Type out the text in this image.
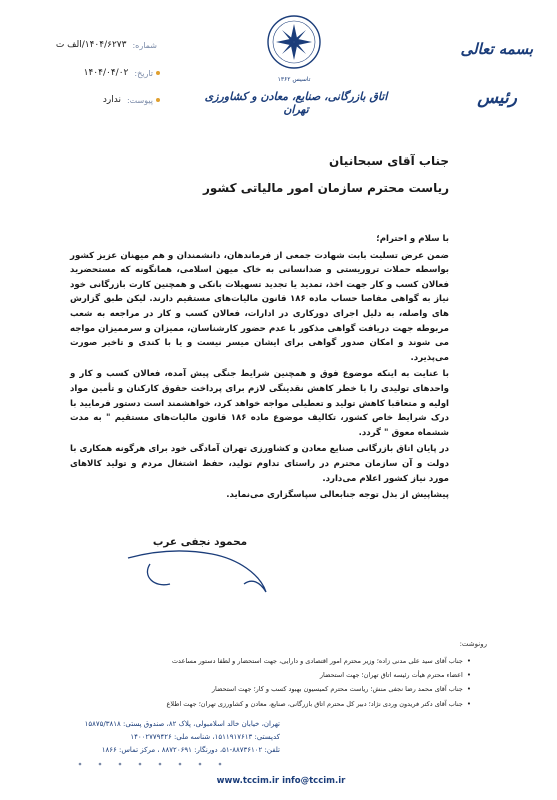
بسمه تعالی
رئیس
تاسیس ۱۳۶۲
اتاق بازرگانی، صنایع، معادن و کشاورزی تهران
شماره:
۱۴۰۴/۶۲۷۳/الف ت
تاریخ:
۱۴۰۴/۰۴/۰۲
پیوست:
ندارد
جناب آقای سبحانیان
ریاست محترم سازمان امور مالیاتی کشور

با سلام و احترام؛

ضمن عرض تسلیت بابت شهادت جمعی از فرماندهان، دانشمندان و هم میهنان عزیز کشور بواسطه حملات تروریستی و ضدانسانی به خاک میهن اسلامی، همانگونه که مستحضرید فعالان کسب و کار جهت اخذ، تمدید یا تجدید تسهیلات بانکی و همچنین کارت بازرگانی خود نیاز به گواهی مفاصا حساب ماده ۱۸۶ قانون مالیات‌های مستقیم دارند. لیکن طبق گزارش های واصله، به دلیل اجرای دورکاری در ادارات، فعالان کسب و کار در مراجعه به شعب مربوطه جهت دریافت گواهی مذکور با عدم حضور کارشناسان، ممیزان و سرممیزان مواجه می شوند و امکان صدور گواهی برای ایشان میسر نیست و یا با کندی و تاخیر صورت می‌پذیرد.

با عنایت به اینکه موضوع فوق و همچنین شرایط جنگی پیش آمده، فعالان کسب و کار و واحدهای تولیدی را با خطر کاهش نقدینگی لازم برای پرداخت حقوق کارکنان و تأمین مواد اولیه و متعاقبا کاهش تولید و تعطیلی مواجه خواهد کرد، خواهشمند است دستور فرمایید با درک شرایط خاص کشور، تکالیف موضوع ماده ۱۸۶ قانون مالیات‌های مستقیم " به مدت ششماه معوق " گردد.

در پایان اتاق بازرگانی صنایع معادن و کشاورزی تهران آمادگی خود برای هرگونه همکاری با دولت و آن سازمان محترم در راستای تداوم تولید، حفظ اشتغال مردم و تولید کالاهای مورد نیاز کشور اعلام می‌دارد.

پیشاپیش از بذل توجه جنابعالی سپاسگزاری می‌نماید.

محمود نجفی عرب
رونوشت:
•
جناب آقای سید علی مدنی زاده؛ وزیر محترم امور اقتصادی و دارایی، جهت استحضار و لطفا دستور مساعدت
•
اعضاء محترم هیأت رئیسه اتاق تهران؛ جهت استحضار
•
جناب آقای محمد رضا نجفی منش؛ ریاست محترم کمیسیون بهبود کسب و کار؛ جهت استحضار
•
جناب آقای دکتر فریدون وردی نژاد؛ دبیر کل محترم اتاق بازرگانی، صنایع، معادن و کشاورزی تهران؛ جهت اطلاع
تهران، خیابان خالد اسلامبولی، پلاک ۸۲، صندوق پستی: ۱۵۸۷۵/۳۸۱۸
کدپستی: ۱۵۱۱۹۱۷۶۱۳، شناسه ملی: ۱۴۰۰۲۷۷۹۴۲۶
تلفن: ۸۸۷۳۶۱۰۲-۵۱، دورنگار: ۸۸۷۲۰۶۹۱ ، مرکز تماس: ۱۸۶۶
www.tccim.ir info@tccim.ir
